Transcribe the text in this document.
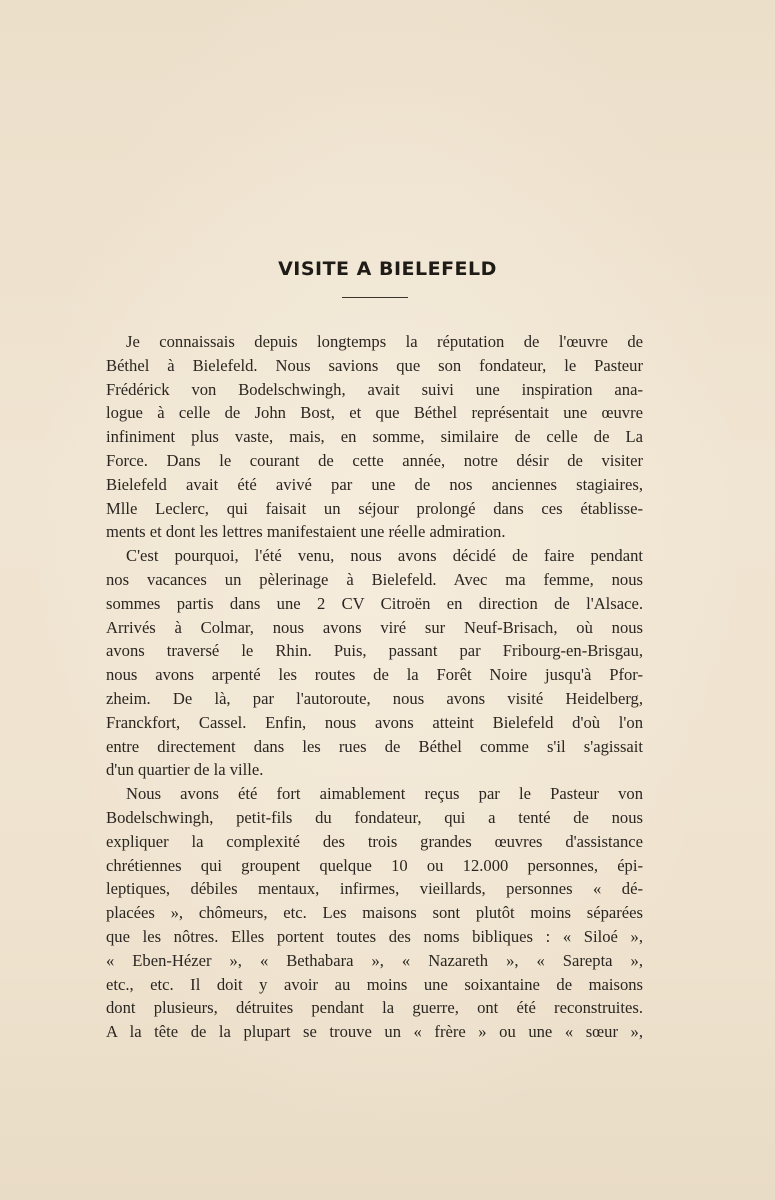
VISITE A BIELEFELD
Je connaissais depuis longtemps la réputation de l'œuvre de
Béthel à Bielefeld. Nous savions que son fondateur, le Pasteur
Frédérick von Bodelschwingh, avait suivi une inspiration ana-
logue à celle de John Bost, et que Béthel représentait une œuvre
infiniment plus vaste, mais, en somme, similaire de celle de La
Force. Dans le courant de cette année, notre désir de visiter
Bielefeld avait été avivé par une de nos anciennes stagiaires,
Mlle Leclerc, qui faisait un séjour prolongé dans ces établisse-
ments et dont les lettres manifestaient une réelle admiration.
C'est pourquoi, l'été venu, nous avons décidé de faire pendant
nos vacances un pèlerinage à Bielefeld. Avec ma femme, nous
sommes partis dans une 2 CV Citroën en direction de l'Alsace.
Arrivés à Colmar, nous avons viré sur Neuf-Brisach, où nous
avons traversé le Rhin. Puis, passant par Fribourg-en-Brisgau,
nous avons arpenté les routes de la Forêt Noire jusqu'à Pfor-
zheim. De là, par l'autoroute, nous avons visité Heidelberg,
Franckfort, Cassel. Enfin, nous avons atteint Bielefeld d'où l'on
entre directement dans les rues de Béthel comme s'il s'agissait
d'un quartier de la ville.
Nous avons été fort aimablement reçus par le Pasteur von
Bodelschwingh, petit-fils du fondateur, qui a tenté de nous
expliquer la complexité des trois grandes œuvres d'assistance
chrétiennes qui groupent quelque 10 ou 12.000 personnes, épi-
leptiques, débiles mentaux, infirmes, vieillards, personnes « dé-
placées », chômeurs, etc. Les maisons sont plutôt moins séparées
que les nôtres. Elles portent toutes des noms bibliques : « Siloé »,
« Eben-Hézer », « Bethabara », « Nazareth », « Sarepta »,
etc., etc. Il doit y avoir au moins une soixantaine de maisons
dont plusieurs, détruites pendant la guerre, ont été reconstruites.
A la tête de la plupart se trouve un « frère » ou une « sœur »,
